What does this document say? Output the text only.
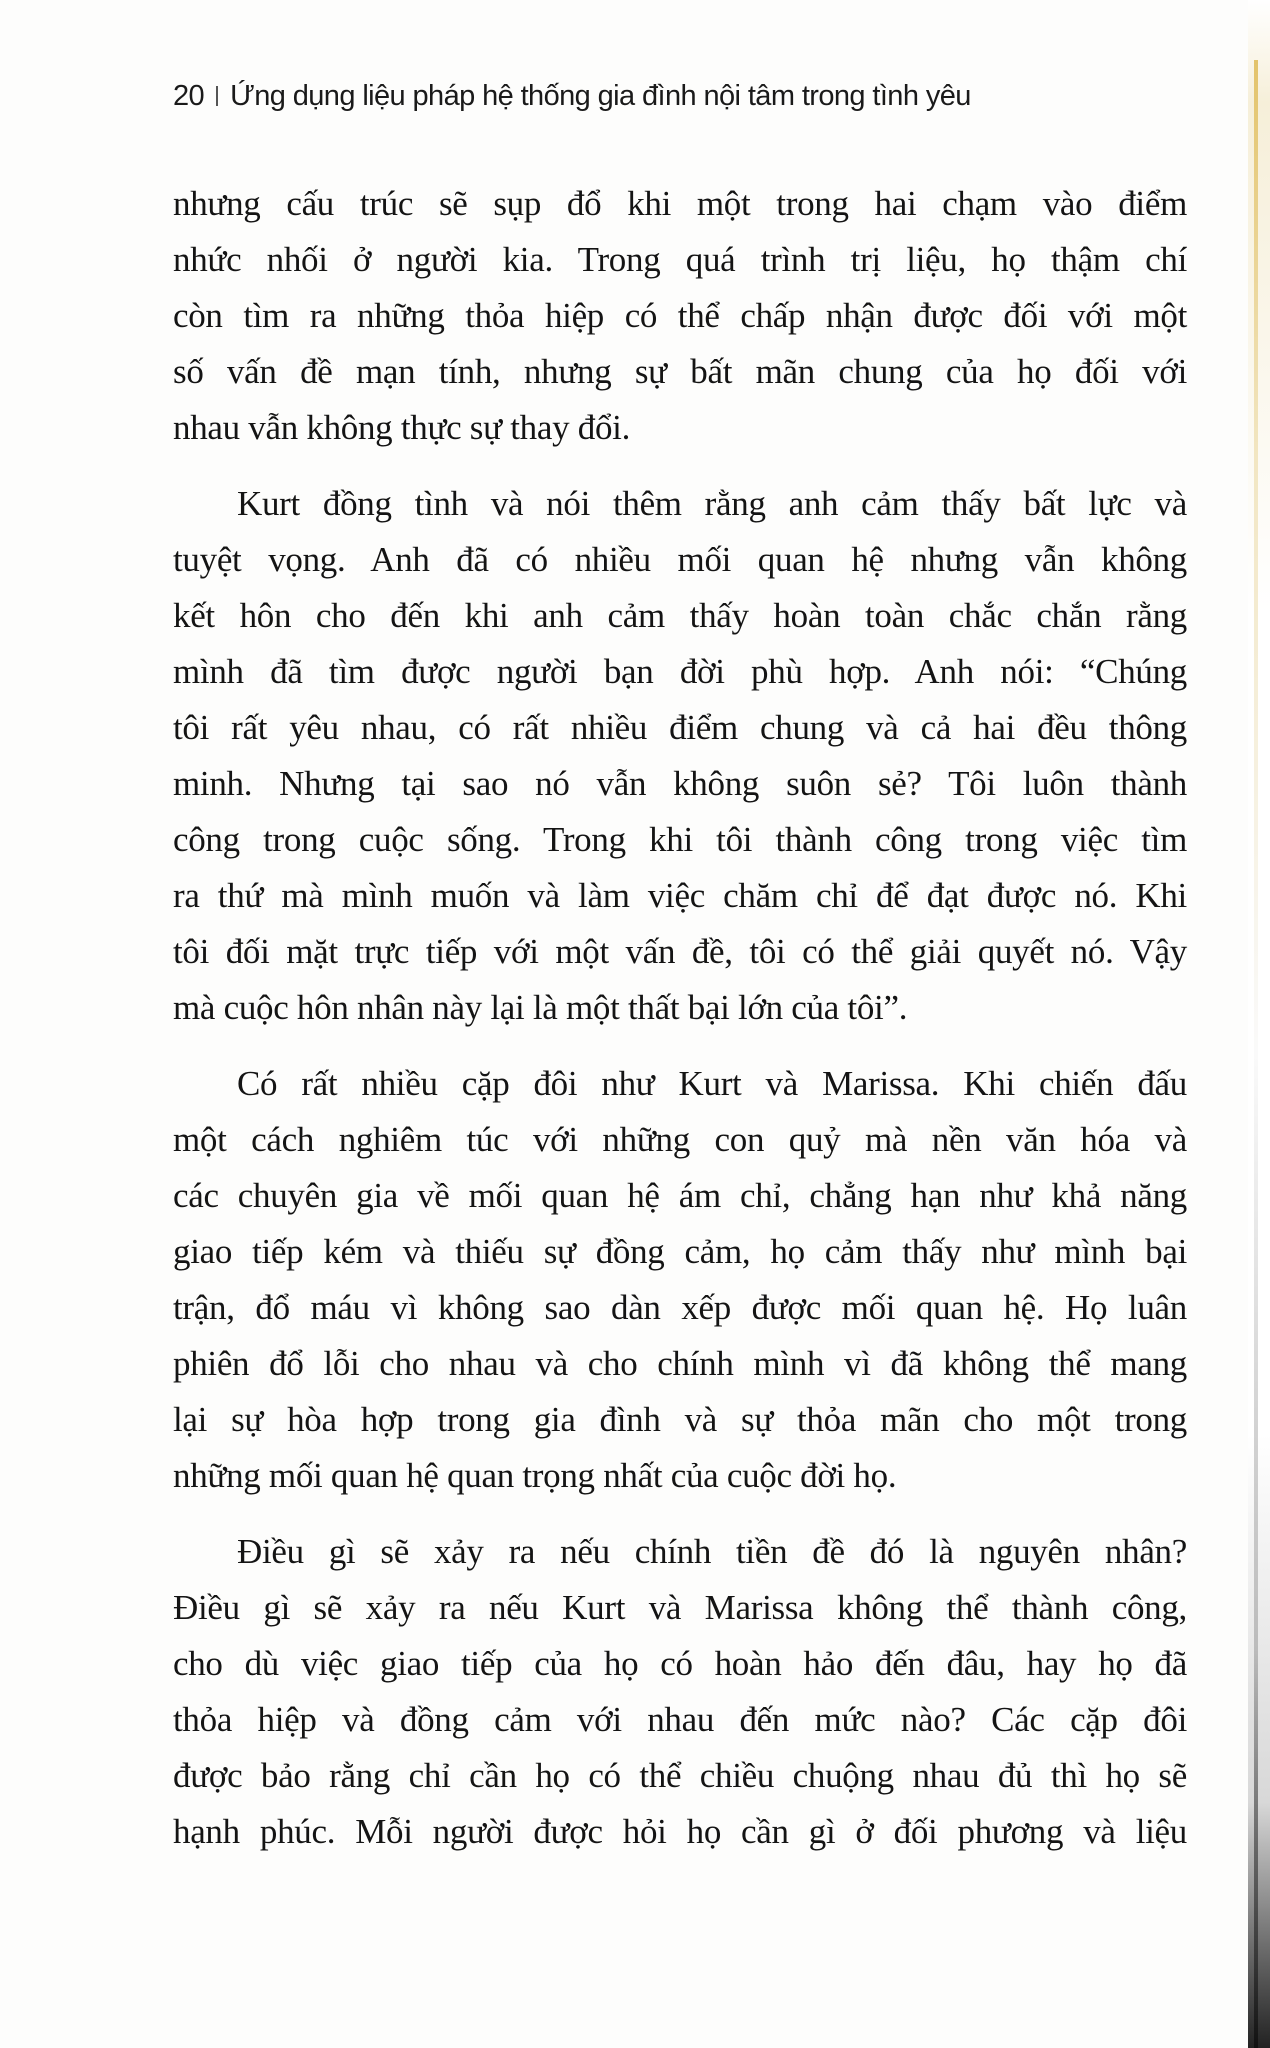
20 Ứng dụng liệu pháp hệ thống gia đình nội tâm trong tình yêu
nhưng cấu trúc sẽ sụp đổ khi một trong hai chạm vào điểm
nhức nhối ở người kia. Trong quá trình trị liệu, họ thậm chí
còn tìm ra những thỏa hiệp có thể chấp nhận được đối với một
số vấn đề mạn tính, nhưng sự bất mãn chung của họ đối với
nhau vẫn không thực sự thay đổi.
Kurt đồng tình và nói thêm rằng anh cảm thấy bất lực và
tuyệt vọng. Anh đã có nhiều mối quan hệ nhưng vẫn không
kết hôn cho đến khi anh cảm thấy hoàn toàn chắc chắn rằng
mình đã tìm được người bạn đời phù hợp. Anh nói: “Chúng
tôi rất yêu nhau, có rất nhiều điểm chung và cả hai đều thông
minh. Nhưng tại sao nó vẫn không suôn sẻ? Tôi luôn thành
công trong cuộc sống. Trong khi tôi thành công trong việc tìm
ra thứ mà mình muốn và làm việc chăm chỉ để đạt được nó. Khi
tôi đối mặt trực tiếp với một vấn đề, tôi có thể giải quyết nó. Vậy
mà cuộc hôn nhân này lại là một thất bại lớn của tôi”.
Có rất nhiều cặp đôi như Kurt và Marissa. Khi chiến đấu
một cách nghiêm túc với những con quỷ mà nền văn hóa và
các chuyên gia về mối quan hệ ám chỉ, chẳng hạn như khả năng
giao tiếp kém và thiếu sự đồng cảm, họ cảm thấy như mình bại
trận, đổ máu vì không sao dàn xếp được mối quan hệ. Họ luân
phiên đổ lỗi cho nhau và cho chính mình vì đã không thể mang
lại sự hòa hợp trong gia đình và sự thỏa mãn cho một trong
những mối quan hệ quan trọng nhất của cuộc đời họ.
Điều gì sẽ xảy ra nếu chính tiền đề đó là nguyên nhân?
Điều gì sẽ xảy ra nếu Kurt và Marissa không thể thành công,
cho dù việc giao tiếp của họ có hoàn hảo đến đâu, hay họ đã
thỏa hiệp và đồng cảm với nhau đến mức nào? Các cặp đôi
được bảo rằng chỉ cần họ có thể chiều chuộng nhau đủ thì họ sẽ
hạnh phúc. Mỗi người được hỏi họ cần gì ở đối phương và liệu
